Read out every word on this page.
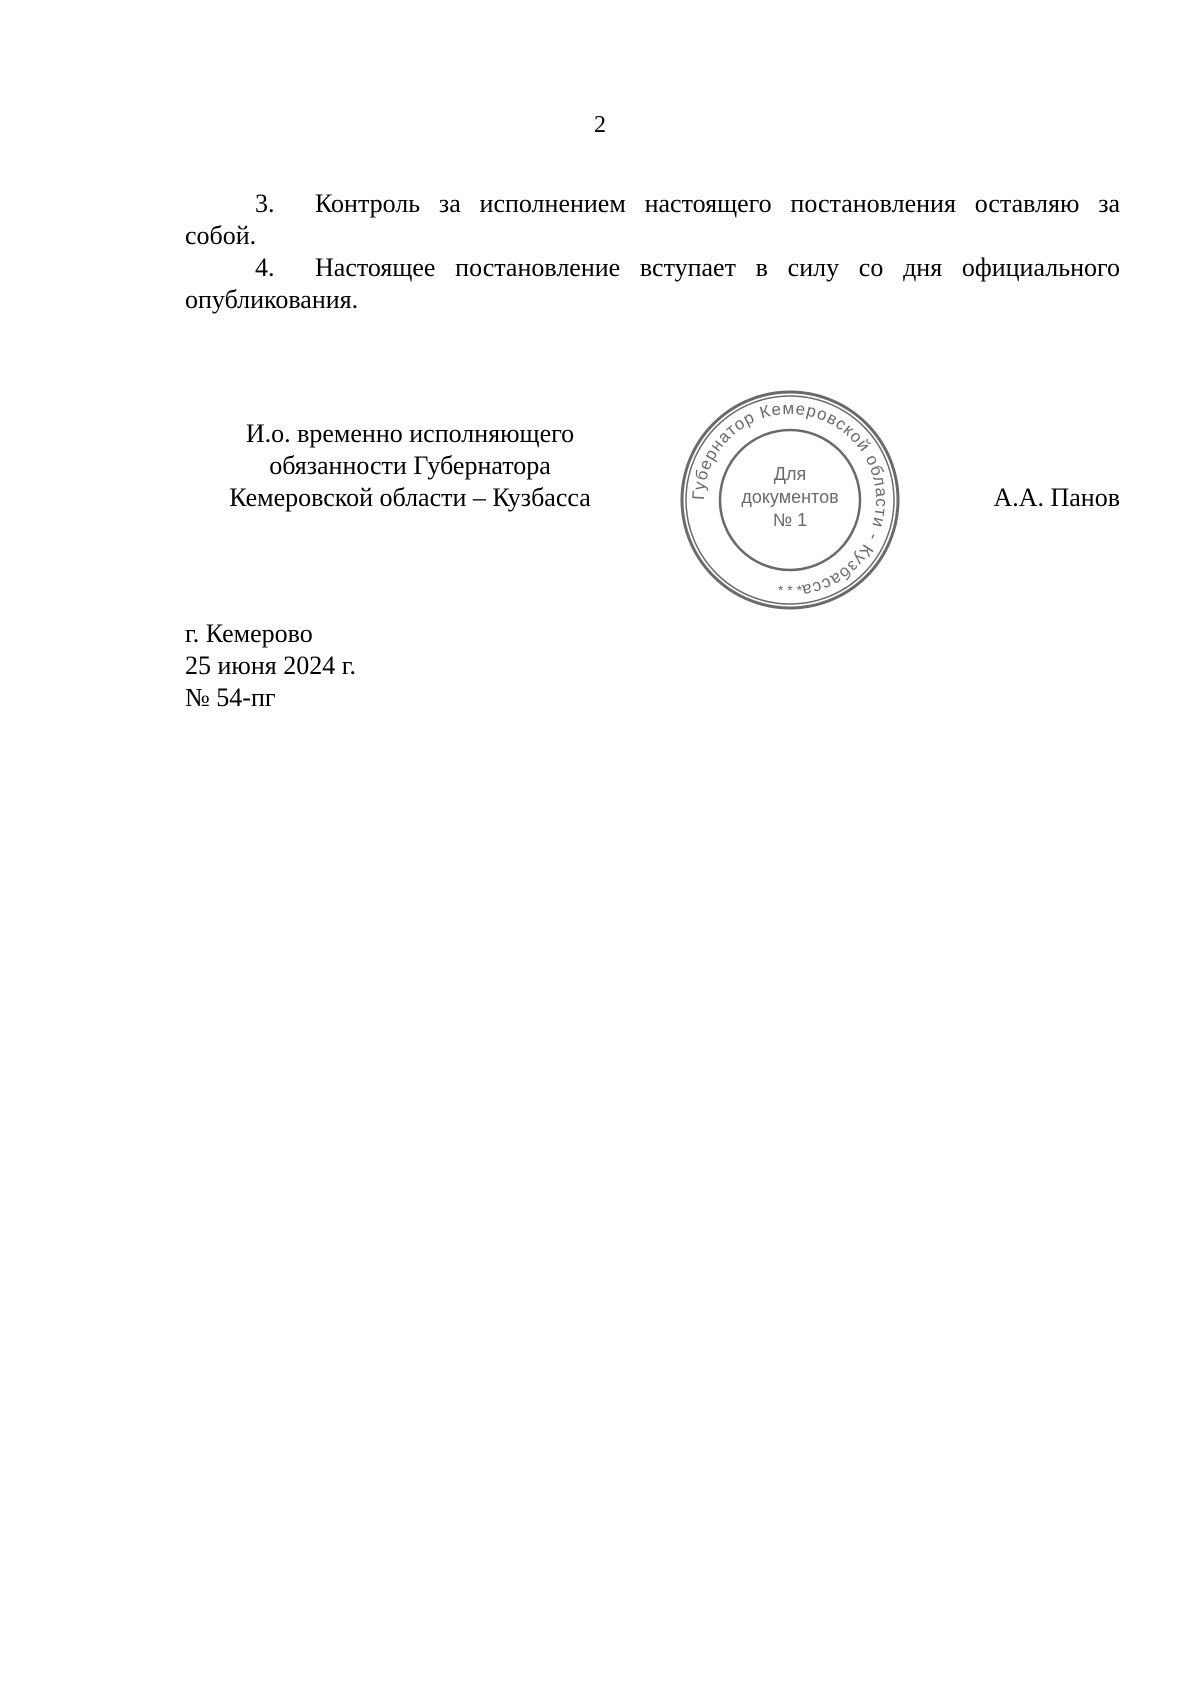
2

3. Контроль за исполнением настоящего постановления оставляю за собой.

4. Настоящее постановление вступает в силу со дня официального опубликования.

И.о. временно исполняющего
обязанности Губернатора
Кемеровской области – Кузбасса	Губернатор Кемеровской области - Кузбасса
Для
документов
№ 1
* * *
А.А. Панов
г. Кемерово
25 июня 2024 г.
№ 54-пг
